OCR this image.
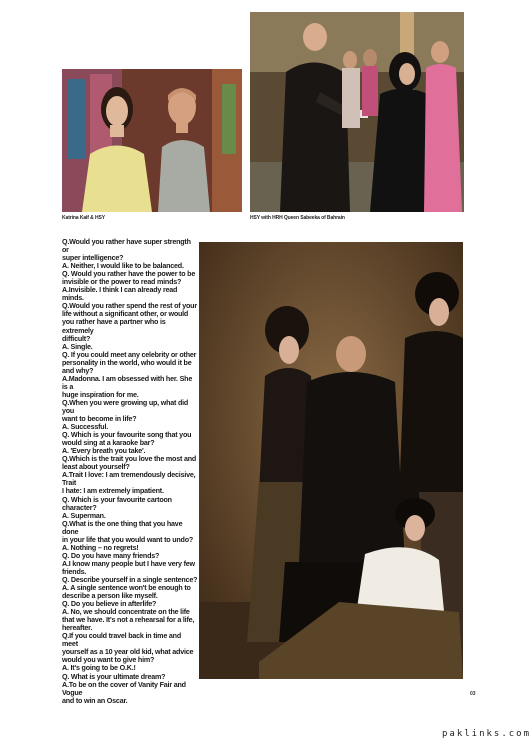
Katrina Kaif & HSY	HSY with HRH Queen Sabeeka of Bahrain

Q.Would you rather have super strength or

super intelligence?

A. Neither, I would like to be balanced.

Q. Would you rather have the power to be

invisible or the power to read minds?

A.Invisible. I think I can already read minds.

Q.Would you rather spend the rest of your

life without a significant other, or would

you rather have a partner who is extremely

difficult?

A. Single.

Q. If you could meet any celebrity or other

personality in the world, who would it be

and why?

A.Madonna. I am obsessed with her. She is a

huge inspiration for me.

Q.When you were growing up, what did you

want to become in life?

A. Successful.

Q. Which is your favourite song that you

would sing at a karaoke bar?

A. 'Every breath you take'.

Q.Which is the trait you love the most and

least about yourself?

A.Trait I love: I am tremendously decisive, Trait

I hate: I am extremely impatient.

Q. Which is your favourite cartoon

character?

A. Superman.

Q.What is the one thing that you have done

in your life that you would want to undo?

A. Nothing – no regrets!

Q. Do you have many friends?

A.I know many people but I have very few

friends.

Q. Describe yourself in a single sentence?

A. A single sentence won't be enough to

describe a person like myself.

Q. Do you believe in afterlife?

A. No, we should concentrate on the life

that we have. It's not a rehearsal for a life,

hereafter.

Q.If you could travel back in time and meet

yourself as a 10 year old kid, what advice

would you want to give him?

A. It's going to be O.K.!

Q. What is your ultimate dream?

A.To be on the cover of Vanity Fair and Vogue

and to win an Oscar.

03
paklinks.com
